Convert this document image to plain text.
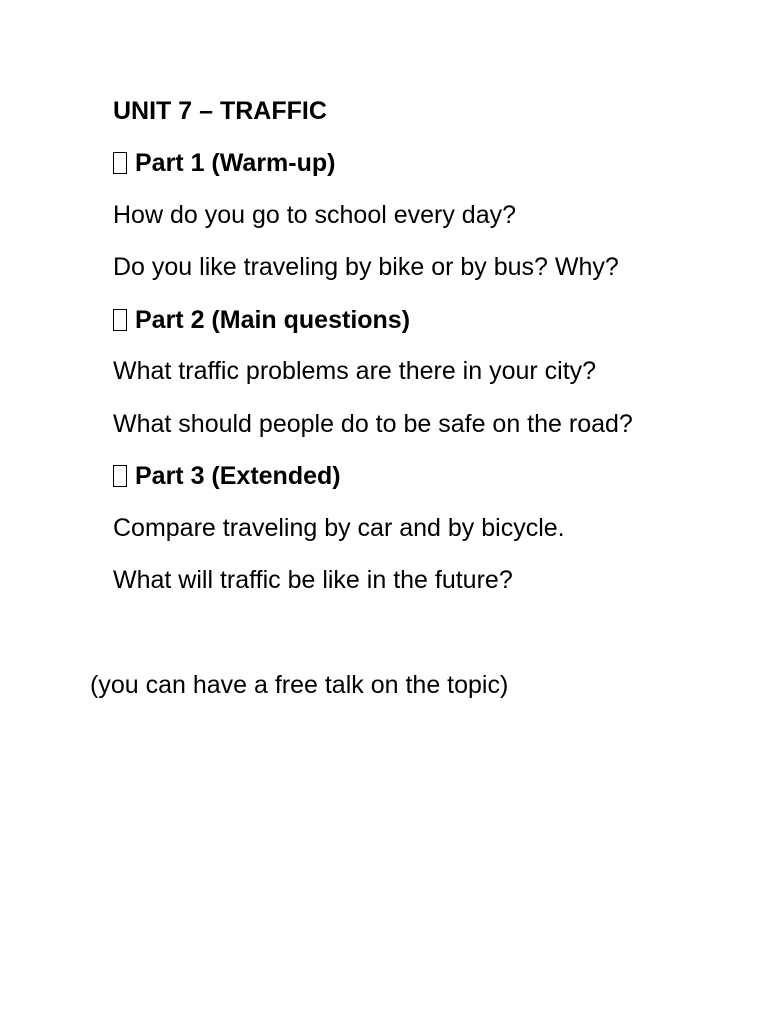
UNIT 7 – TRAFFIC
Part 1 (Warm-up)
How do you go to school every day?
Do you like traveling by bike or by bus? Why?
Part 2 (Main questions)
What traffic problems are there in your city?
What should people do to be safe on the road?
Part 3 (Extended)
Compare traveling by car and by bicycle.
What will traffic be like in the future?
(you can have a free talk on the topic)
